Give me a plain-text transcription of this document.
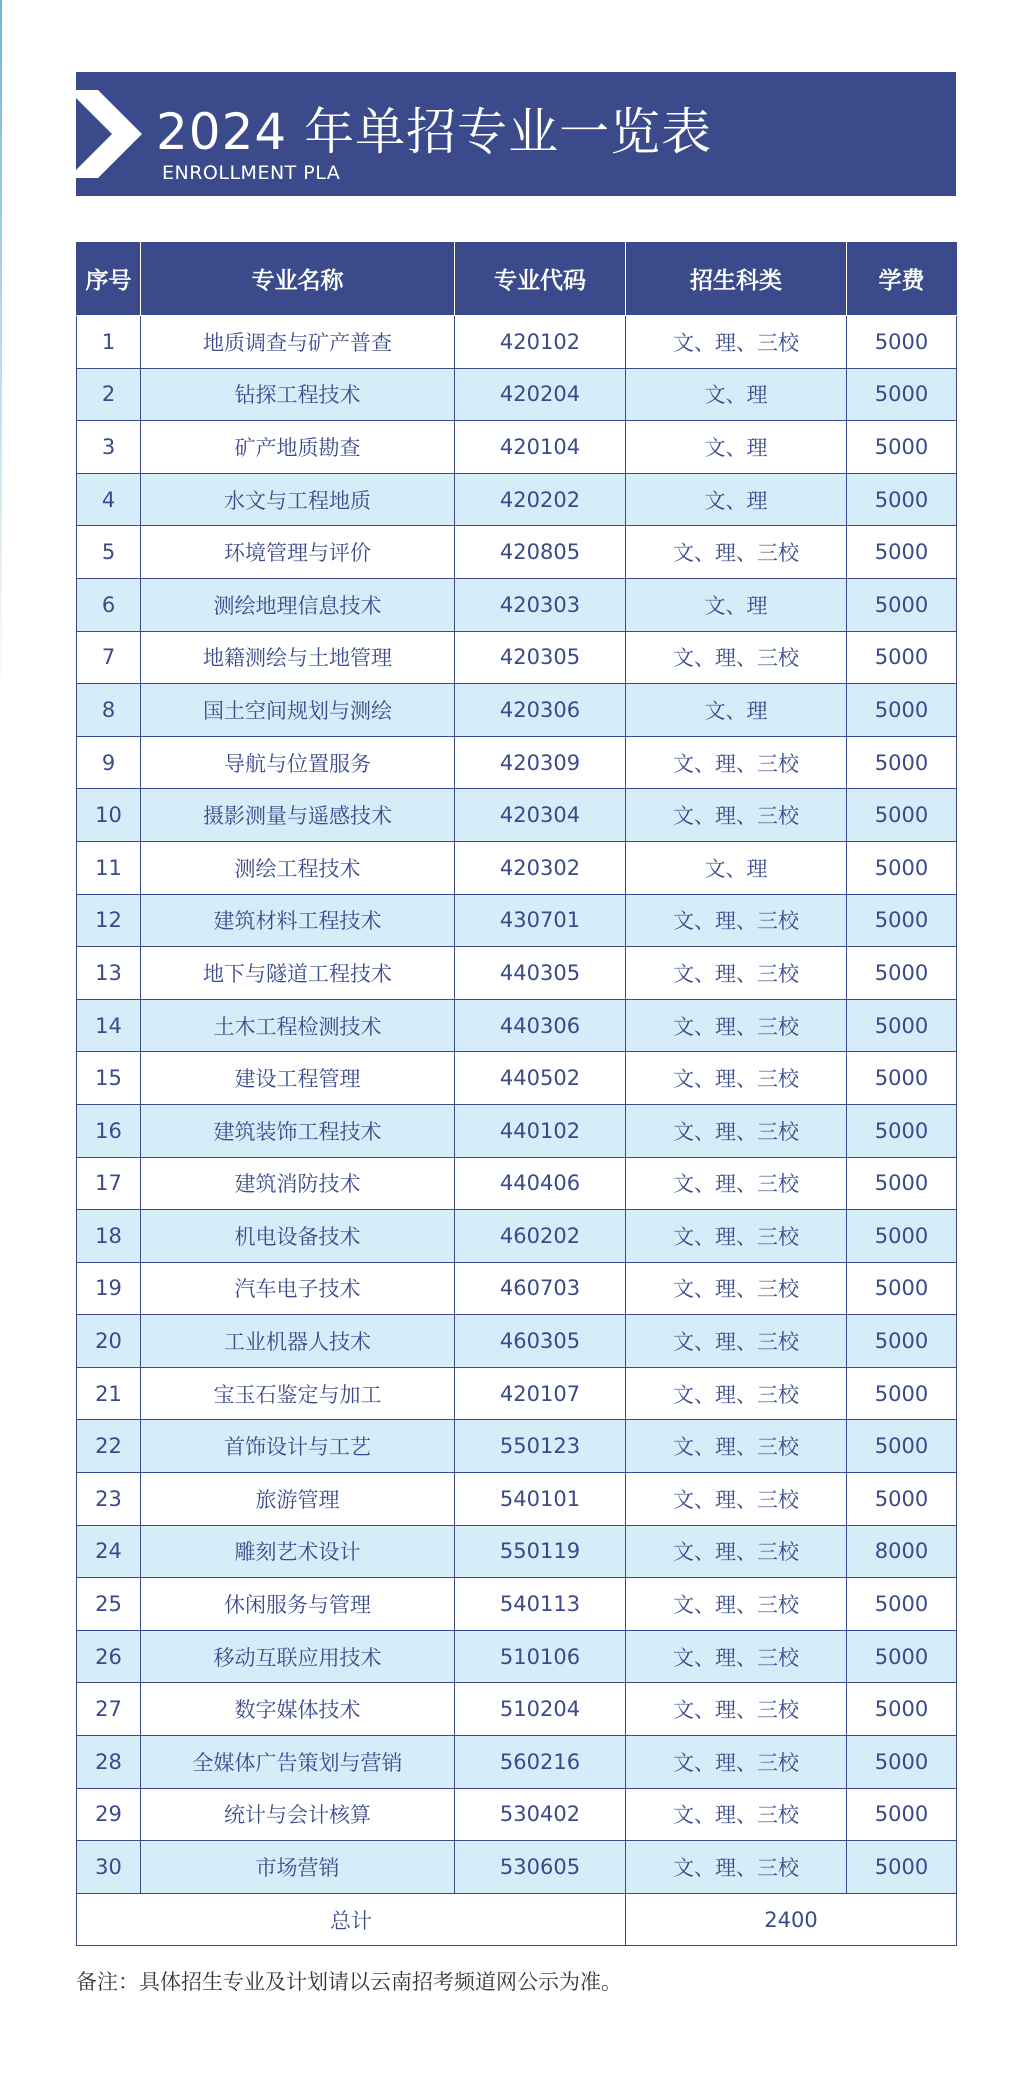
2024 年单招专业一览表
ENROLLMENT PLA
序号	专业名称	专业代码	招生科类	学费
1	地质调查与矿产普查	420102	文、理、三校	5000
2	钻探工程技术	420204	文、理	5000
3	矿产地质勘查	420104	文、理	5000
4	水文与工程地质	420202	文、理	5000
5	环境管理与评价	420805	文、理、三校	5000
6	测绘地理信息技术	420303	文、理	5000
7	地籍测绘与土地管理	420305	文、理、三校	5000
8	国土空间规划与测绘	420306	文、理	5000
9	导航与位置服务	420309	文、理、三校	5000
10	摄影测量与遥感技术	420304	文、理、三校	5000
11	测绘工程技术	420302	文、理	5000
12	建筑材料工程技术	430701	文、理、三校	5000
13	地下与隧道工程技术	440305	文、理、三校	5000
14	土木工程检测技术	440306	文、理、三校	5000
15	建设工程管理	440502	文、理、三校	5000
16	建筑装饰工程技术	440102	文、理、三校	5000
17	建筑消防技术	440406	文、理、三校	5000
18	机电设备技术	460202	文、理、三校	5000
19	汽车电子技术	460703	文、理、三校	5000
20	工业机器人技术	460305	文、理、三校	5000
21	宝玉石鉴定与加工	420107	文、理、三校	5000
22	首饰设计与工艺	550123	文、理、三校	5000
23	旅游管理	540101	文、理、三校	5000
24	雕刻艺术设计	550119	文、理、三校	8000
25	休闲服务与管理	540113	文、理、三校	5000
26	移动互联应用技术	510106	文、理、三校	5000
27	数字媒体技术	510204	文、理、三校	5000
28	全媒体广告策划与营销	560216	文、理、三校	5000
29	统计与会计核算	530402	文、理、三校	5000
30	市场营销	530605	文、理、三校	5000
总计			2400	
备注：具体招生专业及计划请以云南招考频道网公示为准。
